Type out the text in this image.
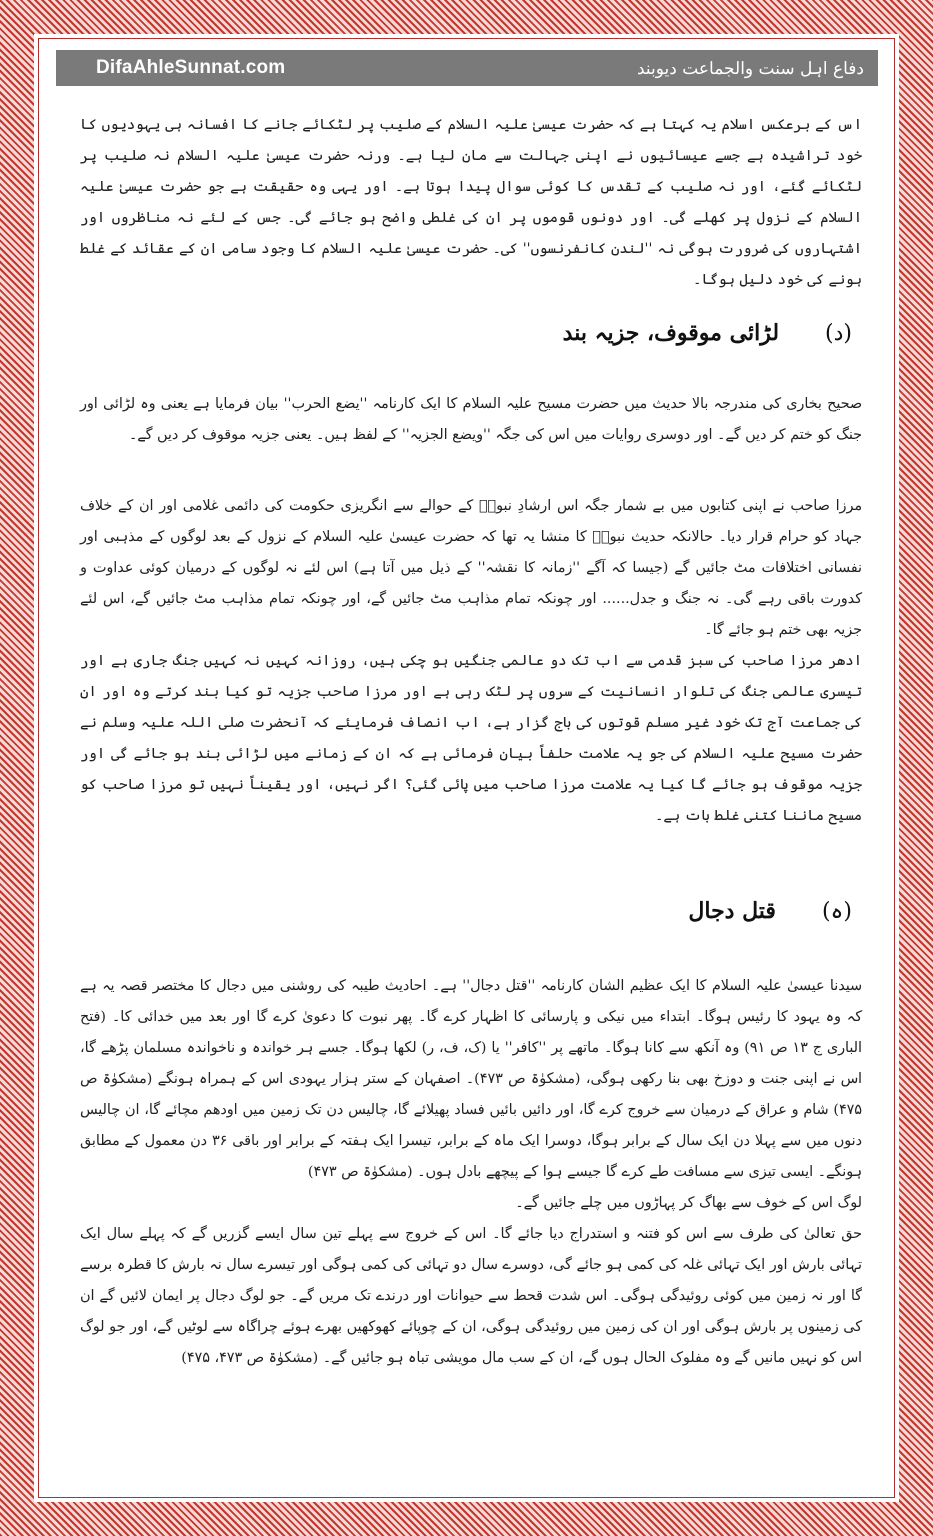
DifaAhleSunnat.com	دفاع اہل سنت والجماعت دیوبند

اس کے برعکس اسلام یہ کہتا ہے کہ حضرت عیسیٰ علیہ السلام کے صلیب پر لٹکائے جانے کا افسانہ ہی یہودیوں کا خود تراشیدہ ہے جسے عیسائیوں نے اپنی جہالت سے مان لیا ہے۔ ورنہ حضرت عیسیٰ علیہ السلام نہ صلیب پر لٹکائے گئے، اور نہ صلیب کے تقدس کا کوئی سوال پیدا ہوتا ہے۔ اور یہی وہ حقیقت ہے جو حضرت عیسیٰ علیہ السلام کے نزول پر کھلے گی۔ اور دونوں قوموں پر ان کی غلطی واضح ہو جائے گی۔ جس کے لئے نہ مناظروں اور اشتہاروں کی ضرورت ہوگی نہ ''لندن کانفرنسوں'' کی۔ حضرت عیسیٰ علیہ السلام کا وجود سامی ان کے عقائد کے غلط ہونے کی خود دلیل ہوگا۔

(د)
لڑائی موقوف، جزیہ بند

صحیح بخاری کی مندرجہ بالا حدیث میں حضرت مسیح علیہ السلام کا ایک کارنامہ ''یضع الحرب'' بیان فرمایا ہے یعنی وہ لڑائی اور جنگ کو ختم کر دیں گے۔ اور دوسری روایات میں اس کی جگہ ''ویضع الجزیہ'' کے لفظ ہیں۔ یعنی جزیہ موقوف کر دیں گے۔

مرزا صاحب نے اپنی کتابوں میں بے شمار جگہ اس ارشادِ نبویؐ کے حوالے سے انگریزی حکومت کی دائمی غلامی اور ان کے خلاف جہاد کو حرام قرار دیا۔ حالانکہ حدیث نبویؐ کا منشا یہ تھا کہ حضرت عیسیٰ علیہ السلام کے نزول کے بعد لوگوں کے مذہبی اور نفسانی اختلافات مٹ جائیں گے (جیسا کہ آگے ''زمانہ کا نقشہ'' کے ذیل میں آتا ہے) اس لئے نہ لوگوں کے درمیان کوئی عداوت و کدورت باقی رہے گی۔ نہ جنگ و جدل...... اور چونکہ تمام مذاہب مٹ جائیں گے، اور چونکہ تمام مذاہب مٹ جائیں گے، اس لئے جزیہ بھی ختم ہو جائے گا۔

ادھر مرزا صاحب کی سبز قدمی سے اب تک دو عالمی جنگیں ہو چکی ہیں، روزانہ کہیں نہ کہیں جنگ جاری ہے اور تیسری عالمی جنگ کی تلوار انسانیت کے سروں پر لٹک رہی ہے اور مرزا صاحب جزیہ تو کیا بند کرتے وہ اور ان کی جماعت آج تک خود غیر مسلم قوتوں کی باج گزار ہے، اب انصاف فرمایئے کہ آنحضرت صلی اللہ علیہ وسلم نے حضرت مسیح علیہ السلام کی جو یہ علامت حلفاً بیان فرمائی ہے کہ ان کے زمانے میں لڑائی بند ہو جائے گی اور جزیہ موقوف ہو جائے گا کیا یہ علامت مرزا صاحب میں پائی گئی؟ اگر نہیں، اور یقیناً نہیں تو مرزا صاحب کو مسیح ماننا کتنی غلط بات ہے۔

(ہ)
قتل دجال

سیدنا عیسیٰ علیہ السلام کا ایک عظیم الشان کارنامہ ''قتل دجال'' ہے۔ احادیث طیبہ کی روشنی میں دجال کا مختصر قصہ یہ ہے کہ وہ یہود کا رئیس ہوگا۔ ابتداء میں نیکی و پارسائی کا اظہار کرے گا۔ پھر نبوت کا دعویٰ کرے گا اور بعد میں خدائی کا۔ (فتح الباری ج ۱۳ ص ۹۱) وہ آنکھ سے کانا ہوگا۔ ماتھے پر ''کافر'' یا (ک، ف، ر) لکھا ہوگا۔ جسے ہر خواندہ و ناخواندہ مسلمان پڑھے گا، اس نے اپنی جنت و دوزخ بھی بنا رکھی ہوگی، (مشکوٰۃ ص ۴۷۳)۔ اصفہان کے ستر ہزار یہودی اس کے ہمراہ ہونگے (مشکوٰۃ ص ۴۷۵) شام و عراق کے درمیان سے خروج کرے گا، اور دائیں بائیں فساد پھیلائے گا، چالیس دن تک زمین میں اودھم مچائے گا، ان چالیس دنوں میں سے پہلا دن ایک سال کے برابر ہوگا، دوسرا ایک ماہ کے برابر، تیسرا ایک ہفتہ کے برابر اور باقی ۳۶ دن معمول کے مطابق ہونگے۔ ایسی تیزی سے مسافت طے کرے گا جیسے ہوا کے پیچھے بادل ہوں۔ (مشکوٰۃ ص ۴۷۳)

لوگ اس کے خوف سے بھاگ کر پہاڑوں میں چلے جائیں گے۔

حق تعالیٰ کی طرف سے اس کو فتنہ و استدراج دیا جائے گا۔ اس کے خروج سے پہلے تین سال ایسے گزریں گے کہ پہلے سال ایک تہائی بارش اور ایک تہائی غلہ کی کمی ہو جائے گی، دوسرے سال دو تہائی کی کمی ہوگی اور تیسرے سال نہ بارش کا قطرہ برسے گا اور نہ زمین میں کوئی روئیدگی ہوگی۔ اس شدت قحط سے حیوانات اور درندے تک مریں گے۔ جو لوگ دجال پر ایمان لائیں گے ان کی زمینوں پر بارش ہوگی اور ان کی زمین میں روئیدگی ہوگی، ان کے چوپائے کھوکھیں بھرے ہوئے چراگاہ سے لوٹیں گے، اور جو لوگ اس کو نہیں مانیں گے وہ مفلوک الحال ہوں گے، ان کے سب مال مویشی تباہ ہو جائیں گے۔ (مشکوٰۃ ص ۴۷۳، ۴۷۵)
